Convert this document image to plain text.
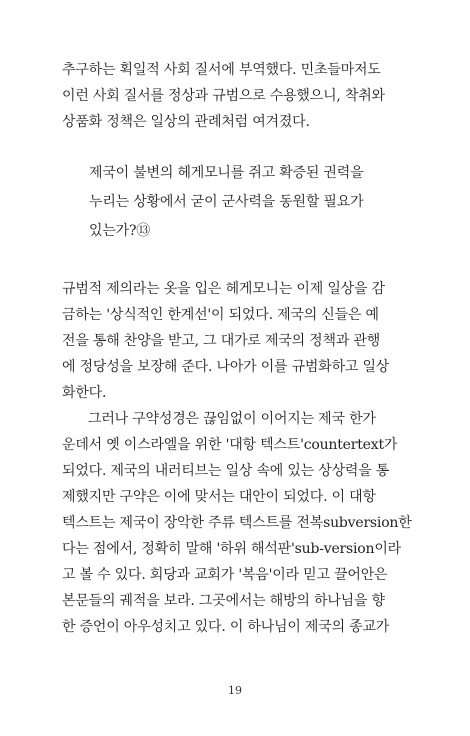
추구하는 획일적 사회 질서에 부역했다. 민초들마저도
이런 사회 질서를 정상과 규범으로 수용했으니, 착취와
상품화 정책은 일상의 관례처럼 여겨졌다.
제국이 불변의 헤게모니를 쥐고 확증된 권력을
누리는 상황에서 굳이 군사력을 동원할 필요가
있는가?⑬
규범적 제의라는 옷을 입은 헤게모니는 이제 일상을 감
금하는 '상식적인 한계선'이 되었다. 제국의 신들은 예
전을 통해 찬양을 받고, 그 대가로 제국의 정책과 관행
에 정당성을 보장해 준다. 나아가 이를 규범화하고 일상
화한다.
그러나 구약성경은 끊임없이 이어지는 제국 한가
운데서 옛 이스라엘을 위한 '대항 텍스트'countertext가
되었다. 제국의 내러티브는 일상 속에 있는 상상력을 통
제했지만 구약은 이에 맞서는 대안이 되었다. 이 대항
텍스트는 제국이 장악한 주류 텍스트를 전복subversion한
다는 점에서, 정확히 말해 '하위 해석판'sub-version이라
고 볼 수 있다. 회당과 교회가 '복음'이라 믿고 끌어안은
본문들의 궤적을 보라. 그곳에서는 해방의 하나님을 향
한 증언이 아우성치고 있다. 이 하나님이 제국의 종교가
19
